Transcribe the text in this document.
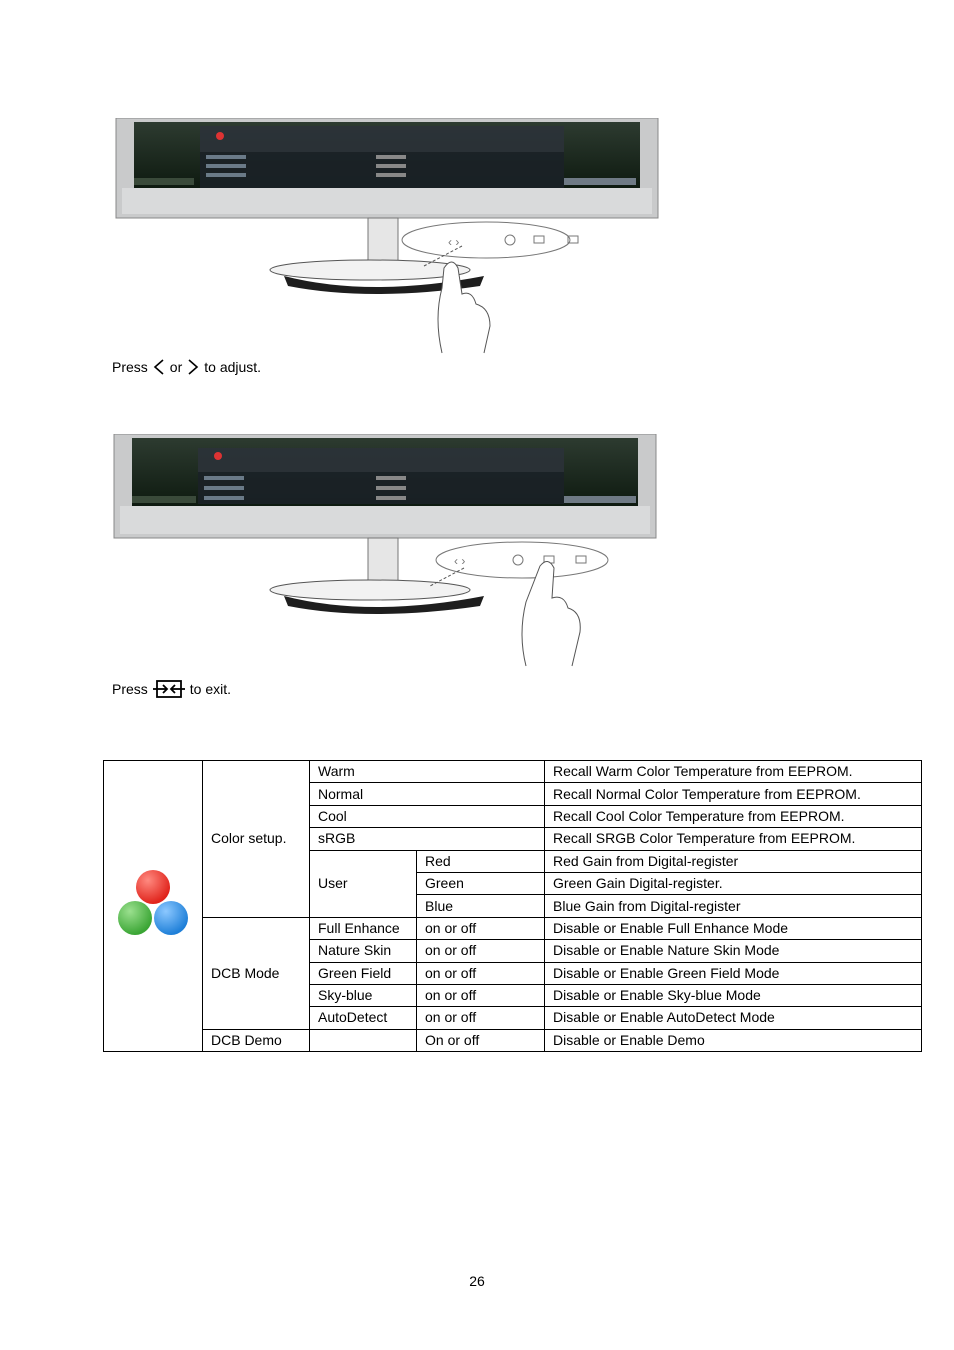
‹ ›
Press or to adjust.
‹ ›
Press	to exit.
	Color setup.	Warm		Recall Warm Color Temperature from EEPROM.
		Normal		Recall Normal Color Temperature from EEPROM.
		Cool		Recall Cool Color Temperature from EEPROM.
		sRGB		Recall SRGB Color Temperature from EEPROM.
		User	Red	Red Gain from Digital-register
			Green	Green Gain Digital-register.
			Blue	Blue Gain from Digital-register
	DCB Mode	Full Enhance	on or off	Disable or Enable Full Enhance Mode
		Nature Skin	on or off	Disable or Enable Nature Skin Mode
		Green Field	on or off	Disable or Enable Green Field Mode
		Sky-blue	on or off	Disable or Enable Sky-blue Mode
		AutoDetect	on or off	Disable or Enable AutoDetect Mode
	DCB Demo		On or off	Disable or Enable Demo
26
